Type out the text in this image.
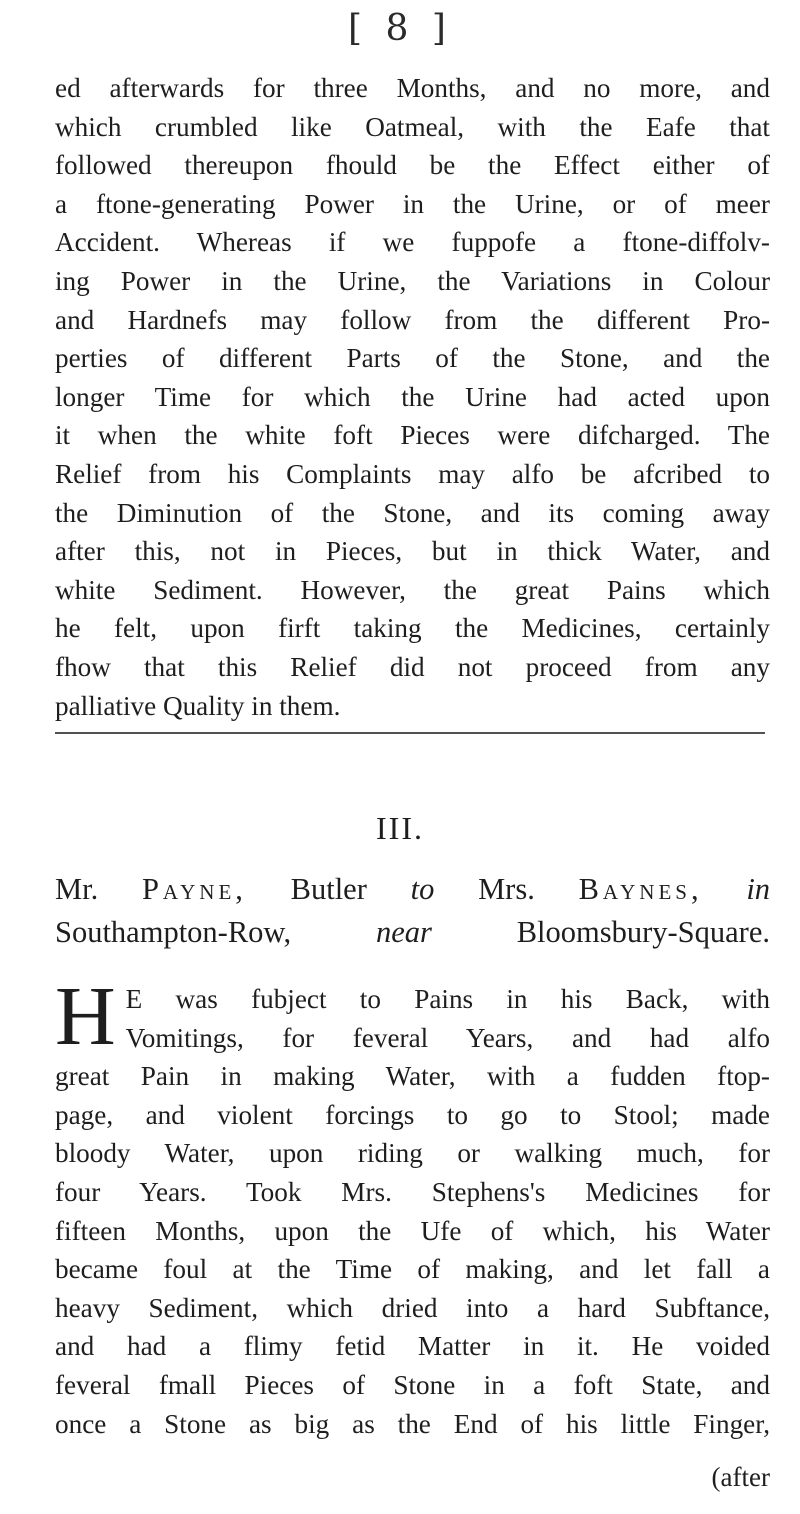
[ 8 ]
ed afterwards for three Months, and no more, and
which crumbled like Oatmeal, with the Eafe that
followed thereupon fhould be the Effect either of
a ftone-generating Power in the Urine, or of meer
Accident. Whereas if we fuppofe a ftone-diffolv-
ing Power in the Urine, the Variations in Colour
and Hardnefs may follow from the different Pro-
perties of different Parts of the Stone, and the
longer Time for which the Urine had acted upon
it when the white foft Pieces were difcharged. The
Relief from his Complaints may alfo be afcribed to
the Diminution of the Stone, and its coming away
after this, not in Pieces, but in thick Water, and
white Sediment. However, the great Pains which
he felt, upon firft taking the Medicines, certainly
fhow that this Relief did not proceed from any
palliative Quality in them.
III.
Mr. Payne, Butler to Mrs. Baynes, in
Southampton-Row,	near	Bloomsbury-Square.
H E was fubject to Pains in his Back, with
Vomitings, for feveral Years, and had alfo
great Pain in making Water, with a fudden ftop-
page, and violent forcings to go to Stool; made
bloody Water, upon riding or walking much, for
four Years. Took Mrs. Stephens's Medicines for
fifteen Months, upon the Ufe of which, his Water
became foul at the Time of making, and let fall a
heavy Sediment, which dried into a hard Subftance,
and had a flimy fetid Matter in it. He voided
feveral fmall Pieces of Stone in a foft State, and
once a Stone as big as the End of his little Finger,
(after
